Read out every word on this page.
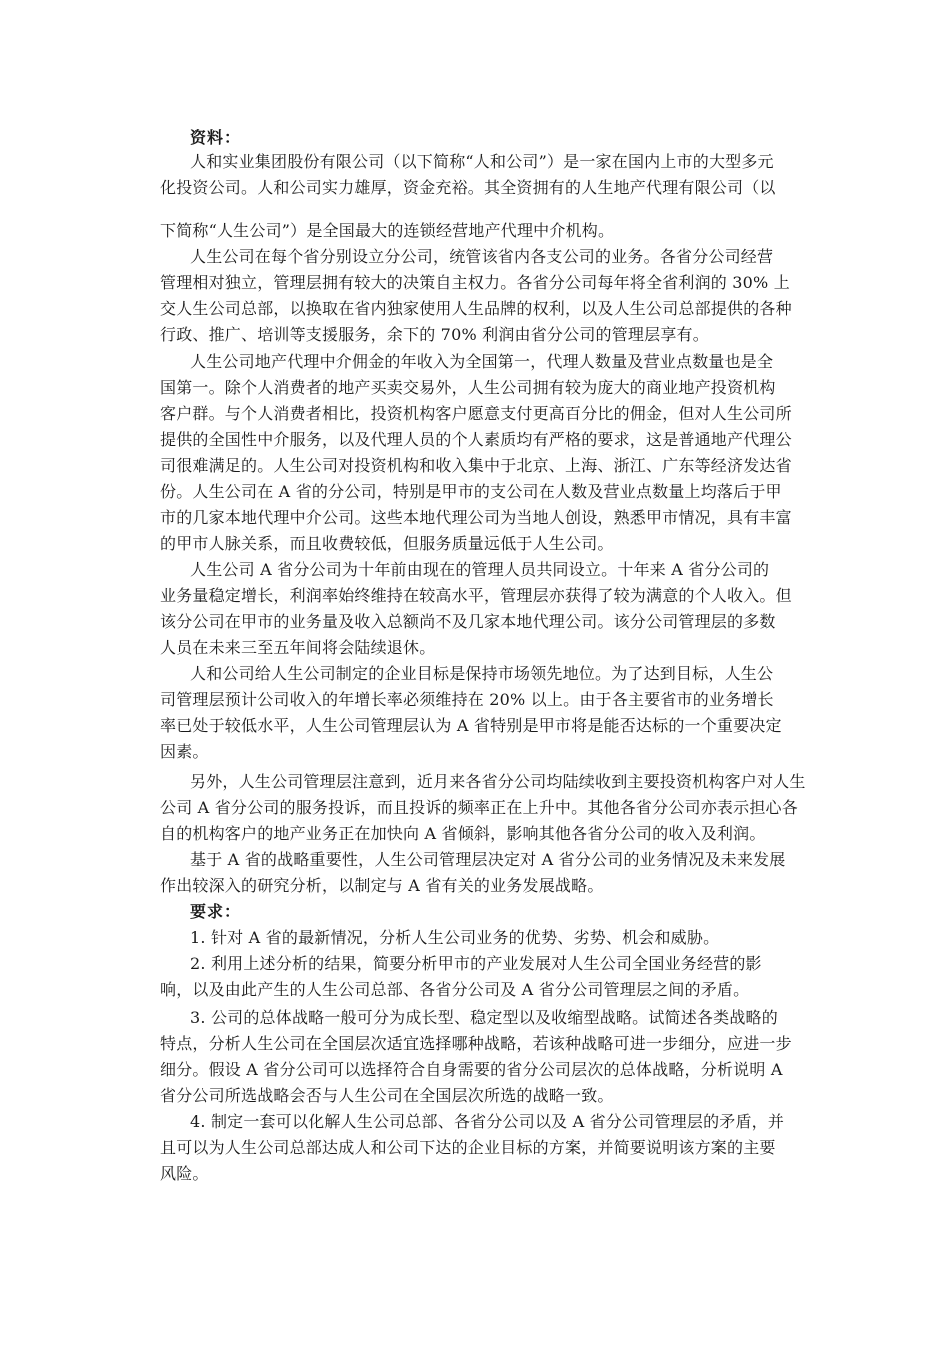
资料：
人和实业集团股份有限公司（以下简称“人和公司”）是一家在国内上市的大型多元
化投资公司。人和公司实力雄厚，资金充裕。其全资拥有的人生地产代理有限公司（以
下简称“人生公司”）是全国最大的连锁经营地产代理中介机构。
人生公司在每个省分别设立分公司，统管该省内各支公司的业务。各省分公司经营
管理相对独立，管理层拥有较大的决策自主权力。各省分公司每年将全省利润的 30% 上
交人生公司总部，以换取在省内独家使用人生品牌的权利，以及人生公司总部提供的各种
行政、推广、培训等支援服务，余下的 70% 利润由省分公司的管理层享有。
人生公司地产代理中介佣金的年收入为全国第一，代理人数量及营业点数量也是全
国第一。除个人消费者的地产买卖交易外，人生公司拥有较为庞大的商业地产投资机构
客户群。与个人消费者相比，投资机构客户愿意支付更高百分比的佣金，但对人生公司所
提供的全国性中介服务，以及代理人员的个人素质均有严格的要求，这是普通地产代理公
司很难满足的。人生公司对投资机构和收入集中于北京、上海、浙江、广东等经济发达省
份。人生公司在 A 省的分公司，特别是甲市的支公司在人数及营业点数量上均落后于甲
市的几家本地代理中介公司。这些本地代理公司为当地人创设，熟悉甲市情况，具有丰富
的甲市人脉关系，而且收费较低，但服务质量远低于人生公司。
人生公司 A 省分公司为十年前由现在的管理人员共同设立。十年来 A 省分公司的
业务量稳定增长，利润率始终维持在较高水平，管理层亦获得了较为满意的个人收入。但
该分公司在甲市的业务量及收入总额尚不及几家本地代理公司。该分公司管理层的多数
人员在未来三至五年间将会陆续退休。
人和公司给人生公司制定的企业目标是保持市场领先地位。为了达到目标，人生公
司管理层预计公司收入的年增长率必须维持在 20% 以上。由于各主要省市的业务增长
率已处于较低水平，人生公司管理层认为 A 省特别是甲市将是能否达标的一个重要决定
因素。
另外，人生公司管理层注意到，近月来各省分公司均陆续收到主要投资机构客户对人生
公司 A 省分公司的服务投诉，而且投诉的频率正在上升中。其他各省分公司亦表示担心各
自的机构客户的地产业务正在加快向 A 省倾斜，影响其他各省分公司的收入及利润。
基于 A 省的战略重要性，人生公司管理层决定对 A 省分公司的业务情况及未来发展
作出较深入的研究分析，以制定与 A 省有关的业务发展战略。
要求：
1. 针对 A 省的最新情况，分析人生公司业务的优势、劣势、机会和威胁。
2. 利用上述分析的结果，简要分析甲市的产业发展对人生公司全国业务经营的影
响，以及由此产生的人生公司总部、各省分公司及 A 省分公司管理层之间的矛盾。
3. 公司的总体战略一般可分为成长型、稳定型以及收缩型战略。试简述各类战略的
特点，分析人生公司在全国层次适宜选择哪种战略，若该种战略可进一步细分，应进一步
细分。假设 A 省分公司可以选择符合自身需要的省分公司层次的总体战略，分析说明 A
省分公司所选战略会否与人生公司在全国层次所选的战略一致。
4. 制定一套可以化解人生公司总部、各省分公司以及 A 省分公司管理层的矛盾，并
且可以为人生公司总部达成人和公司下达的企业目标的方案，并简要说明该方案的主要
风险。
